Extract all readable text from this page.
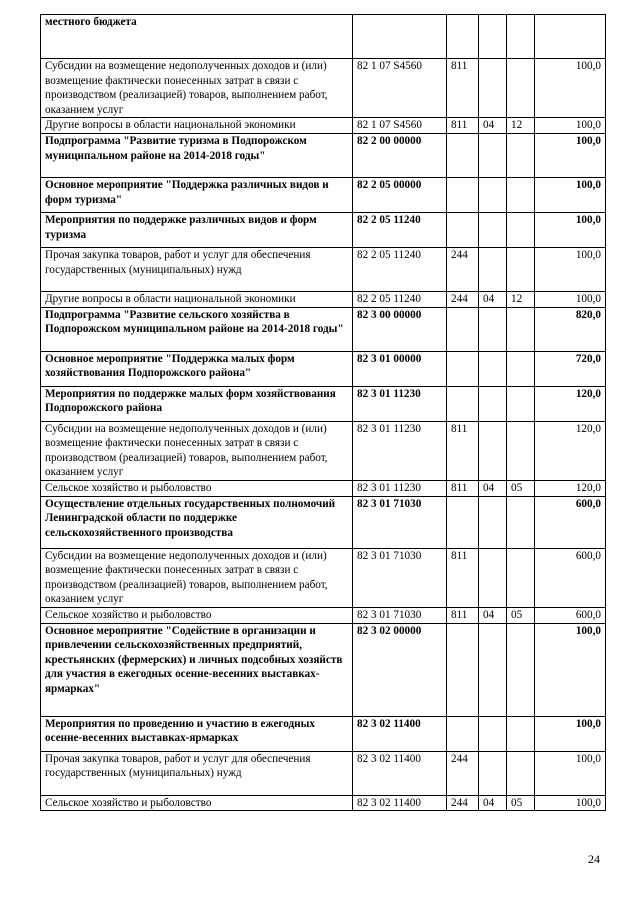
местного бюджета					
Субсидии на возмещение недополученных доходов и (или) возмещение фактически понесенных затрат в связи с производством (реализацией) товаров, выполнением работ, оказанием услуг	82 1 07 S4560	811			100,0
Другие вопросы в области национальной экономики	82 1 07 S4560	811	04	12	100,0
Подпрограмма "Развитие туризма в Подпорожском муниципальном районе на 2014-2018 годы"	82 2 00 00000				100,0
Основное мероприятие "Поддержка различных видов и форм туризма"	82 2 05 00000				100,0
Мероприятия по поддержке различных видов и форм туризма	82 2 05 11240				100,0
Прочая закупка товаров, работ и услуг для обеспечения государственных (муниципальных) нужд	82 2 05 11240	244			100,0
Другие вопросы в области национальной экономики	82 2 05 11240	244	04	12	100,0
Подпрограмма "Развитие сельского хозяйства в Подпорожском муниципальном районе на 2014-2018 годы"	82 3 00 00000				820,0
Основное мероприятие "Поддержка малых форм хозяйствования Подпорожского района"	82 3 01 00000				720,0
Мероприятия по поддержке малых форм хозяйствования Подпорожского района	82 3 01 11230				120,0
Субсидии на возмещение недополученных доходов и (или) возмещение фактически понесенных затрат в связи с производством (реализацией) товаров, выполнением работ, оказанием услуг	82 3 01 11230	811			120,0
Сельское хозяйство и рыболовство	82 3 01 11230	811	04	05	120,0
Осуществление отдельных государственных полномочий Ленинградской области по поддержке сельскохозяйственного производства	82 3 01 71030				600,0
Субсидии на возмещение недополученных доходов и (или) возмещение фактически понесенных затрат в связи с производством (реализацией) товаров, выполнением работ, оказанием услуг	82 3 01 71030	811			600,0
Сельское хозяйство и рыболовство	82 3 01 71030	811	04	05	600,0
Основное мероприятие "Содействие в организации и привлечении сельскохозяйственных предприятий, крестьянских (фермерских) и личных подсобных хозяйств для участия в ежегодных осенне-весенних выставках-ярмарках"	82 3 02 00000				100,0
Мероприятия по проведению и участию в ежегодных осенне-весенних выставках-ярмарках	82 3 02 11400				100,0
Прочая закупка товаров, работ и услуг для обеспечения государственных (муниципальных) нужд	82 3 02 11400	244			100,0
Сельское хозяйство и рыболовство	82 3 02 11400	244	04	05	100,0
24
